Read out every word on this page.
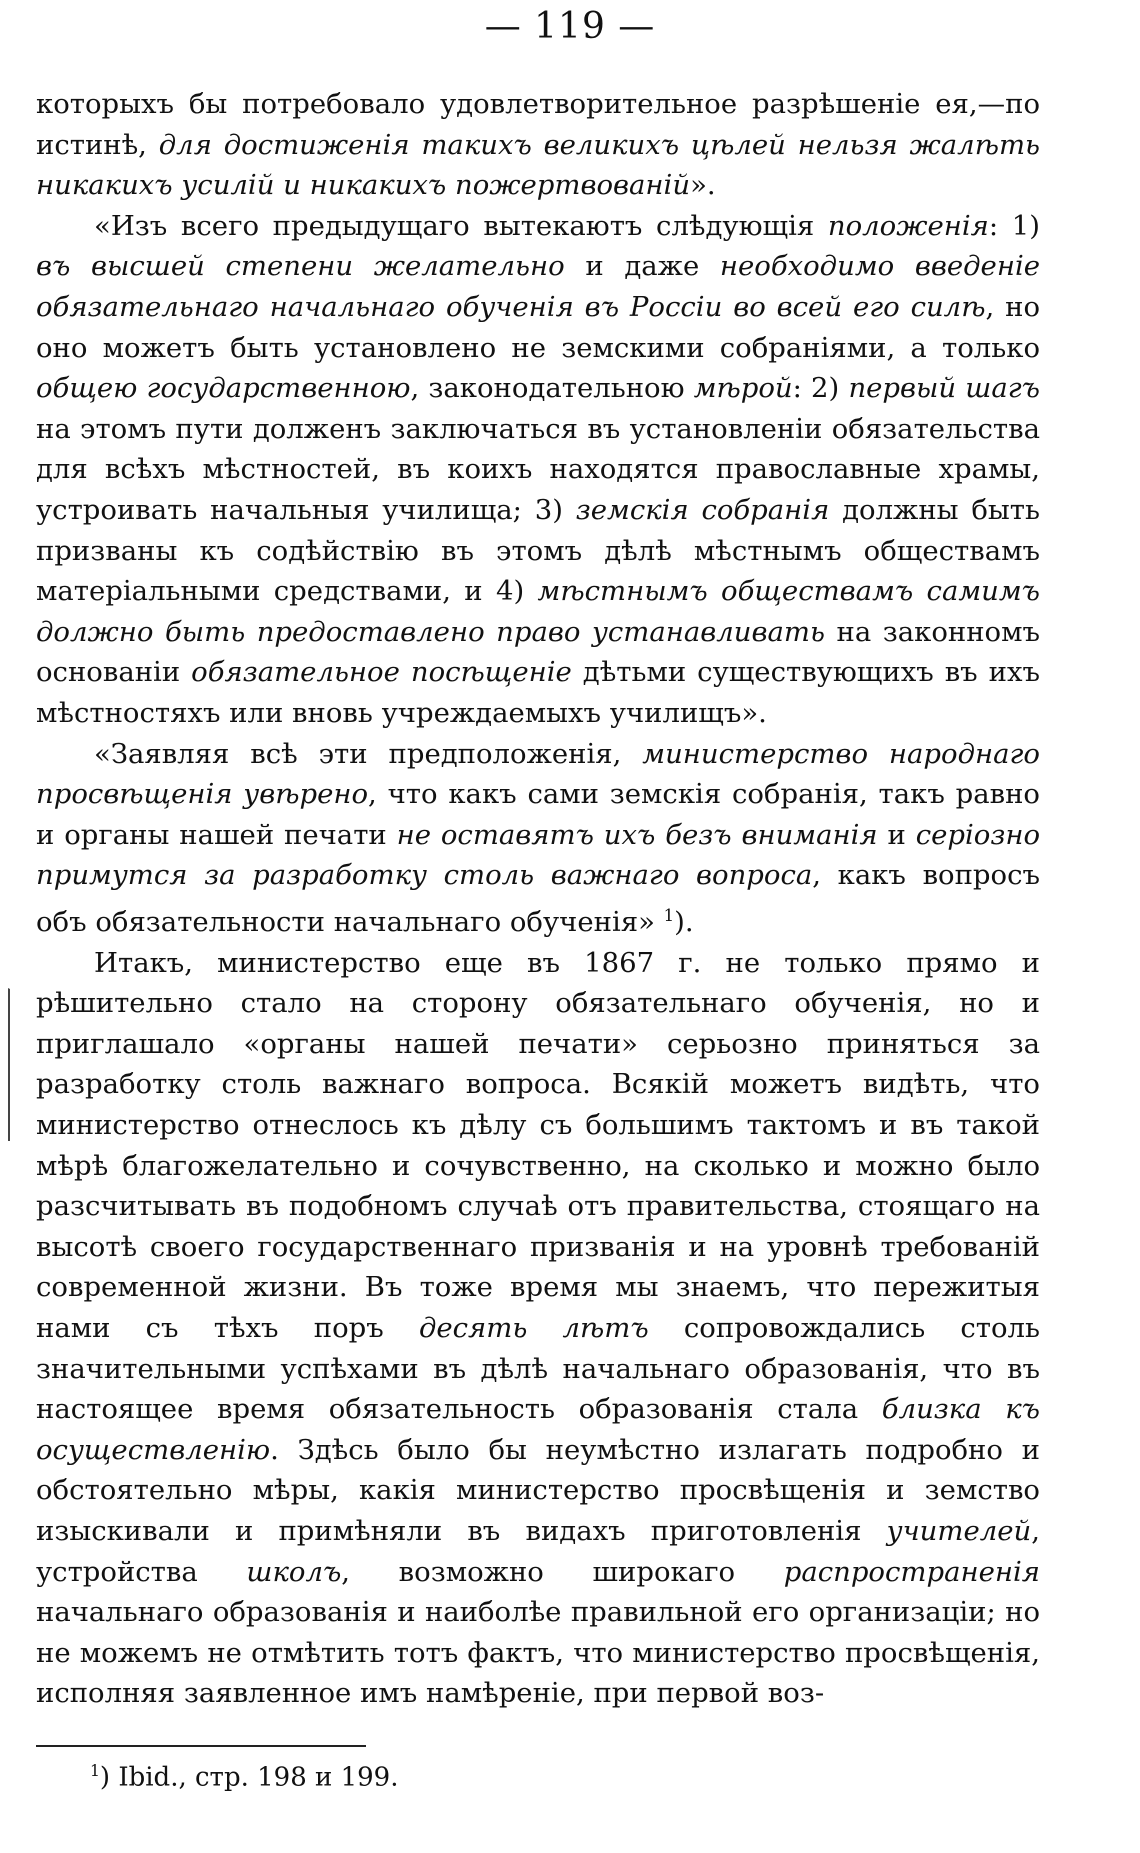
— 119 —

которыхъ бы потребовало удовлетворительное разрѣшеніе ея,—по истинѣ, для достиженія такихъ великихъ цѣлей нельзя жалѣть никакихъ усилій и никакихъ пожертвованій».

«Изъ всего предыдущаго вытекаютъ слѣдующія положенія: 1) въ высшей степени желательно и даже необходимо введеніе обязательнаго начальнаго обученія въ Россіи во всей его силѣ, но оно можетъ быть установлено не земскими собраніями, а только общею государственною, законодательною мѣрой: 2) первый шагъ на этомъ пути долженъ заключаться въ установленіи обязательства для всѣхъ мѣстностей, въ коихъ находятся православные храмы, устроивать начальныя училища; 3) земскія собранія должны быть призваны къ содѣйствію въ этомъ дѣлѣ мѣстнымъ обществамъ матеріальными средствами, и 4) мѣстнымъ обществамъ самимъ должно быть предоставлено право устанавливать на законномъ основаніи обязательное посѣщеніе дѣтьми существующихъ въ ихъ мѣстностяхъ или вновь учреждаемыхъ училищъ».

«Заявляя всѣ эти предположенія, министерство народнаго просвѣщенія увѣрено, что какъ сами земскія собранія, такъ равно и органы нашей печати не оставятъ ихъ безъ вниманія и серіозно примутся за разработку столь важнаго вопроса, какъ вопросъ объ обязательности начальнаго обученія» $^1$).

Итакъ, министерство еще въ 1867 г. не только прямо и рѣшительно стало на сторону обязательнаго обученія, но и приглашало «органы нашей печати» серьозно приняться за разработку столь важнаго вопроса. Всякій можетъ видѣть, что министерство отнеслось къ дѣлу съ большимъ тактомъ и въ такой мѣрѣ благожелательно и сочувственно, на сколько и можно было разсчитывать въ подобномъ случаѣ отъ правительства, стоящаго на высотѣ своего государственнаго призванія и на уровнѣ требованій современной жизни. Въ тоже время мы знаемъ, что пережитыя нами съ тѣхъ поръ десять лѣтъ сопровождались столь значительными успѣхами въ дѣлѣ начальнаго образованія, что въ настоящее время обязательность образованія стала близка къ осуществленію. Здѣсь было бы неумѣстно излагать подробно и обстоятельно мѣры, какія министерство просвѣщенія и земство изыскивали и примѣняли въ видахъ приготовленія учителей, устройства школъ, возможно широкаго распространенія начальнаго образованія и наиболѣе правильной его организаціи; но не можемъ не отмѣтить тотъ фактъ, что министерство просвѣщенія, исполняя заявленное имъ намѣреніе, при первой воз-

$^1$) Ibid., стр. 198 и 199.
